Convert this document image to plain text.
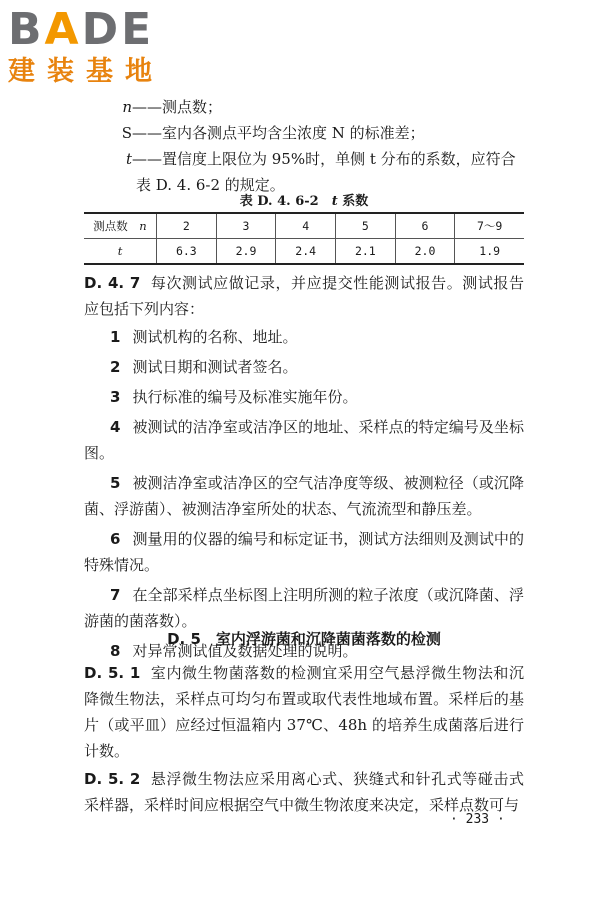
BADE
建装基地
n——测点数；
S——室内各测点平均含尘浓度 N 的标准差；
t——置信度上限位为 95%时，单侧 t 分布的系数，应符合
表 D. 4. 6-2 的规定。
表 D. 4. 6-2　 t 系数
测点数　 n	2	3	4	5	6	7～9
t	6.3	2.9	2.4	2.1	2.0	1.9

D. 4. 7 每次测试应做记录，并应提交性能测试报告。测试报告应包括下列内容：

1 测试机构的名称、地址。

2 测试日期和测试者签名。

3 执行标准的编号及标准实施年份。

4 被测试的洁净室或洁净区的地址、采样点的特定编号及坐标图。

5 被测洁净室或洁净区的空气洁净度等级、被测粒径（或沉降菌、浮游菌）、被测洁净室所处的状态、气流流型和静压差。

6 测量用的仪器的编号和标定证书，测试方法细则及测试中的特殊情况。

7 在全部采样点坐标图上注明所测的粒子浓度（或沉降菌、浮游菌的菌落数）。

8 对异常测试值及数据处理的说明。

D. 5　室内浮游菌和沉降菌菌落数的检测

D. 5. 1 室内微生物菌落数的检测宜采用空气悬浮微生物法和沉降微生物法，采样点可均匀布置或取代表性地域布置。采样后的基片（或平皿）应经过恒温箱内 37℃、48h 的培养生成菌落后进行计数。

D. 5. 2 悬浮微生物法应采用离心式、狭缝式和针孔式等碰击式采样器，采样时间应根据空气中微生物浓度来决定，采样点数可与

· 233 ·
